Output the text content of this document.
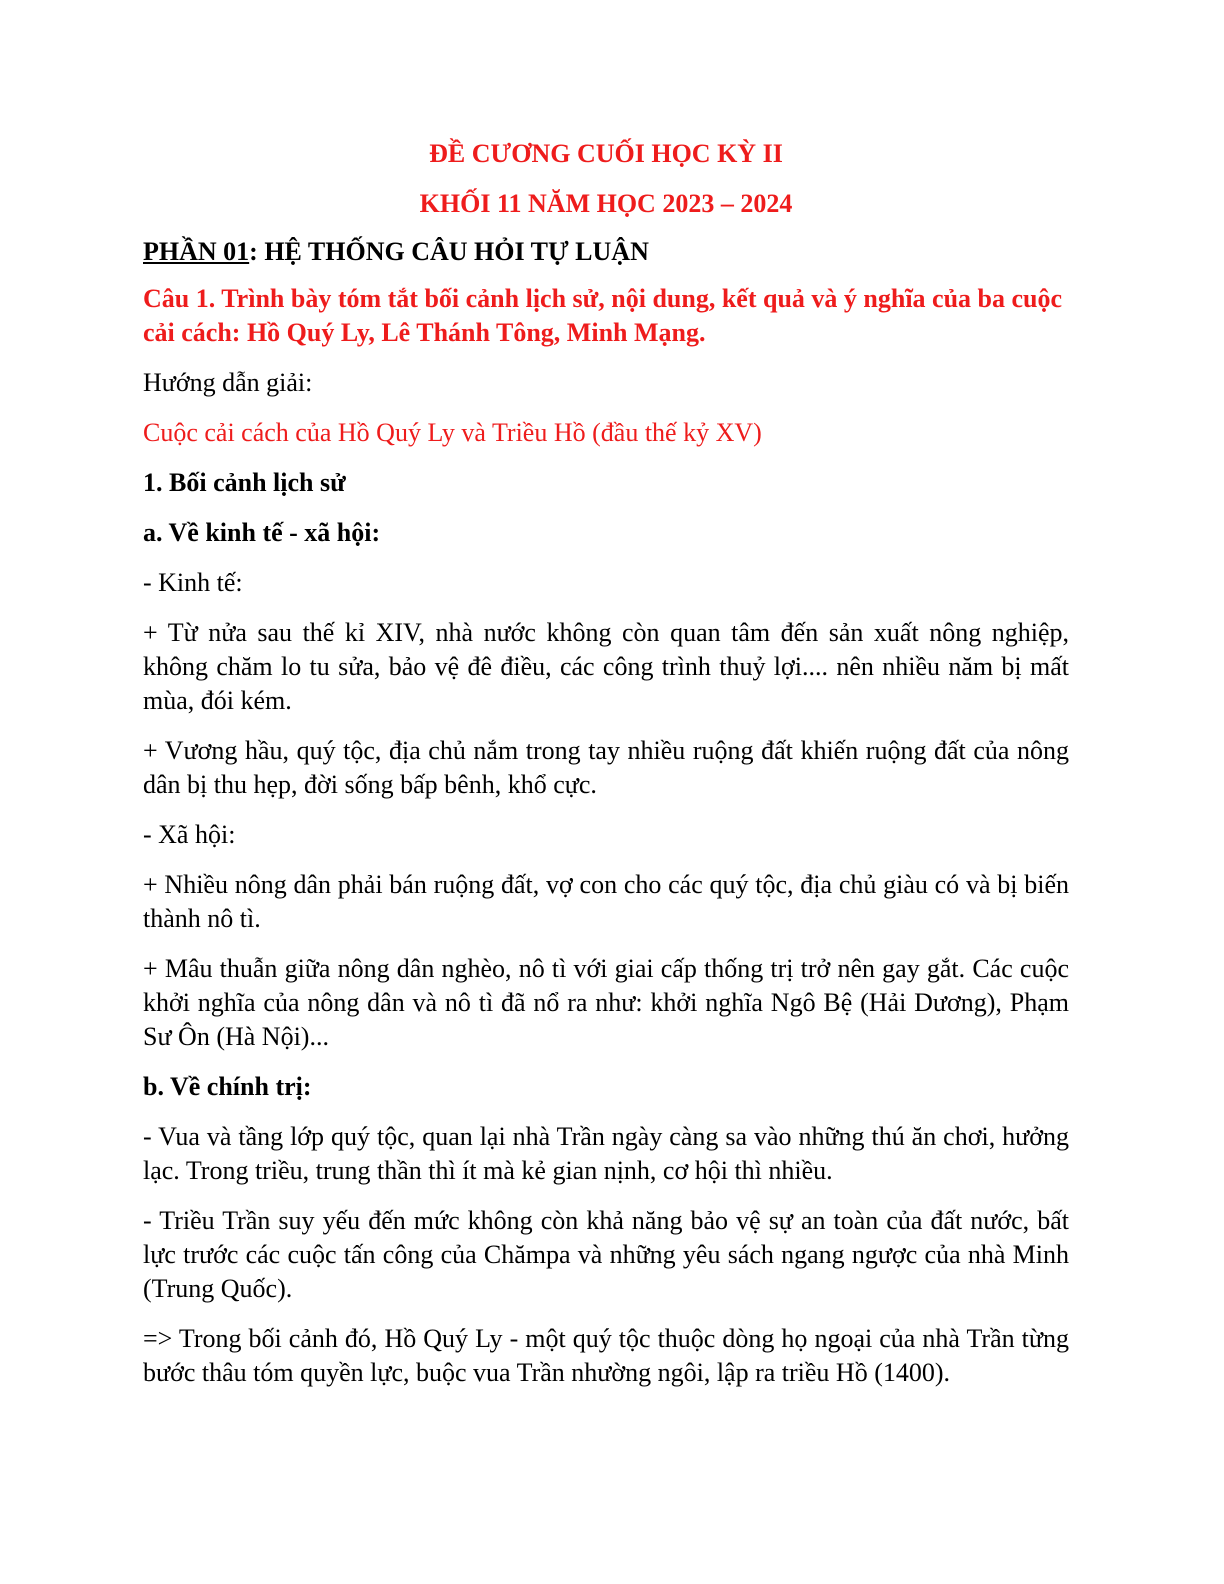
ĐỀ CƯƠNG CUỐI HỌC KỲ II

KHỐI 11 NĂM HỌC 2023 – 2024

PHẦN 01: HỆ THỐNG CÂU HỎI TỰ LUẬN

Câu 1. Trình bày tóm tắt bối cảnh lịch sử, nội dung, kết quả và ý nghĩa của ba cuộc cải cách: Hồ Quý Ly, Lê Thánh Tông, Minh Mạng.

Hướng dẫn giải:

Cuộc cải cách của Hồ Quý Ly và Triều Hồ (đầu thế kỷ XV)

1. Bối cảnh lịch sử

a. Về kinh tế - xã hội:

- Kinh tế:

+ Từ nửa sau thế kỉ XIV, nhà nước không còn quan tâm đến sản xuất nông nghiệp, không chăm lo tu sửa, bảo vệ đê điều, các công trình thuỷ lợi.... nên nhiều năm bị mất mùa, đói kém.

+ Vương hầu, quý tộc, địa chủ nắm trong tay nhiều ruộng đất khiến ruộng đất của nông dân bị thu hẹp, đời sống bấp bênh, khổ cực.

- Xã hội:

+ Nhiều nông dân phải bán ruộng đất, vợ con cho các quý tộc, địa chủ giàu có và bị biến thành nô tì.

+ Mâu thuẫn giữa nông dân nghèo, nô tì với giai cấp thống trị trở nên gay gắt. Các cuộc khởi nghĩa của nông dân và nô tì đã nổ ra như: khởi nghĩa Ngô Bệ (Hải Dương), Phạm Sư Ôn (Hà Nội)...

b. Về chính trị:

- Vua và tầng lớp quý tộc, quan lại nhà Trần ngày càng sa vào những thú ăn chơi, hưởng lạc. Trong triều, trung thần thì ít mà kẻ gian nịnh, cơ hội thì nhiều.

- Triều Trần suy yếu đến mức không còn khả năng bảo vệ sự an toàn của đất nước, bất lực trước các cuộc tấn công của Chămpa và những yêu sách ngang ngược của nhà Minh (Trung Quốc).

=> Trong bối cảnh đó, Hồ Quý Ly - một quý tộc thuộc dòng họ ngoại của nhà Trần từng bước thâu tóm quyền lực, buộc vua Trần nhường ngôi, lập ra triều Hồ (1400).
